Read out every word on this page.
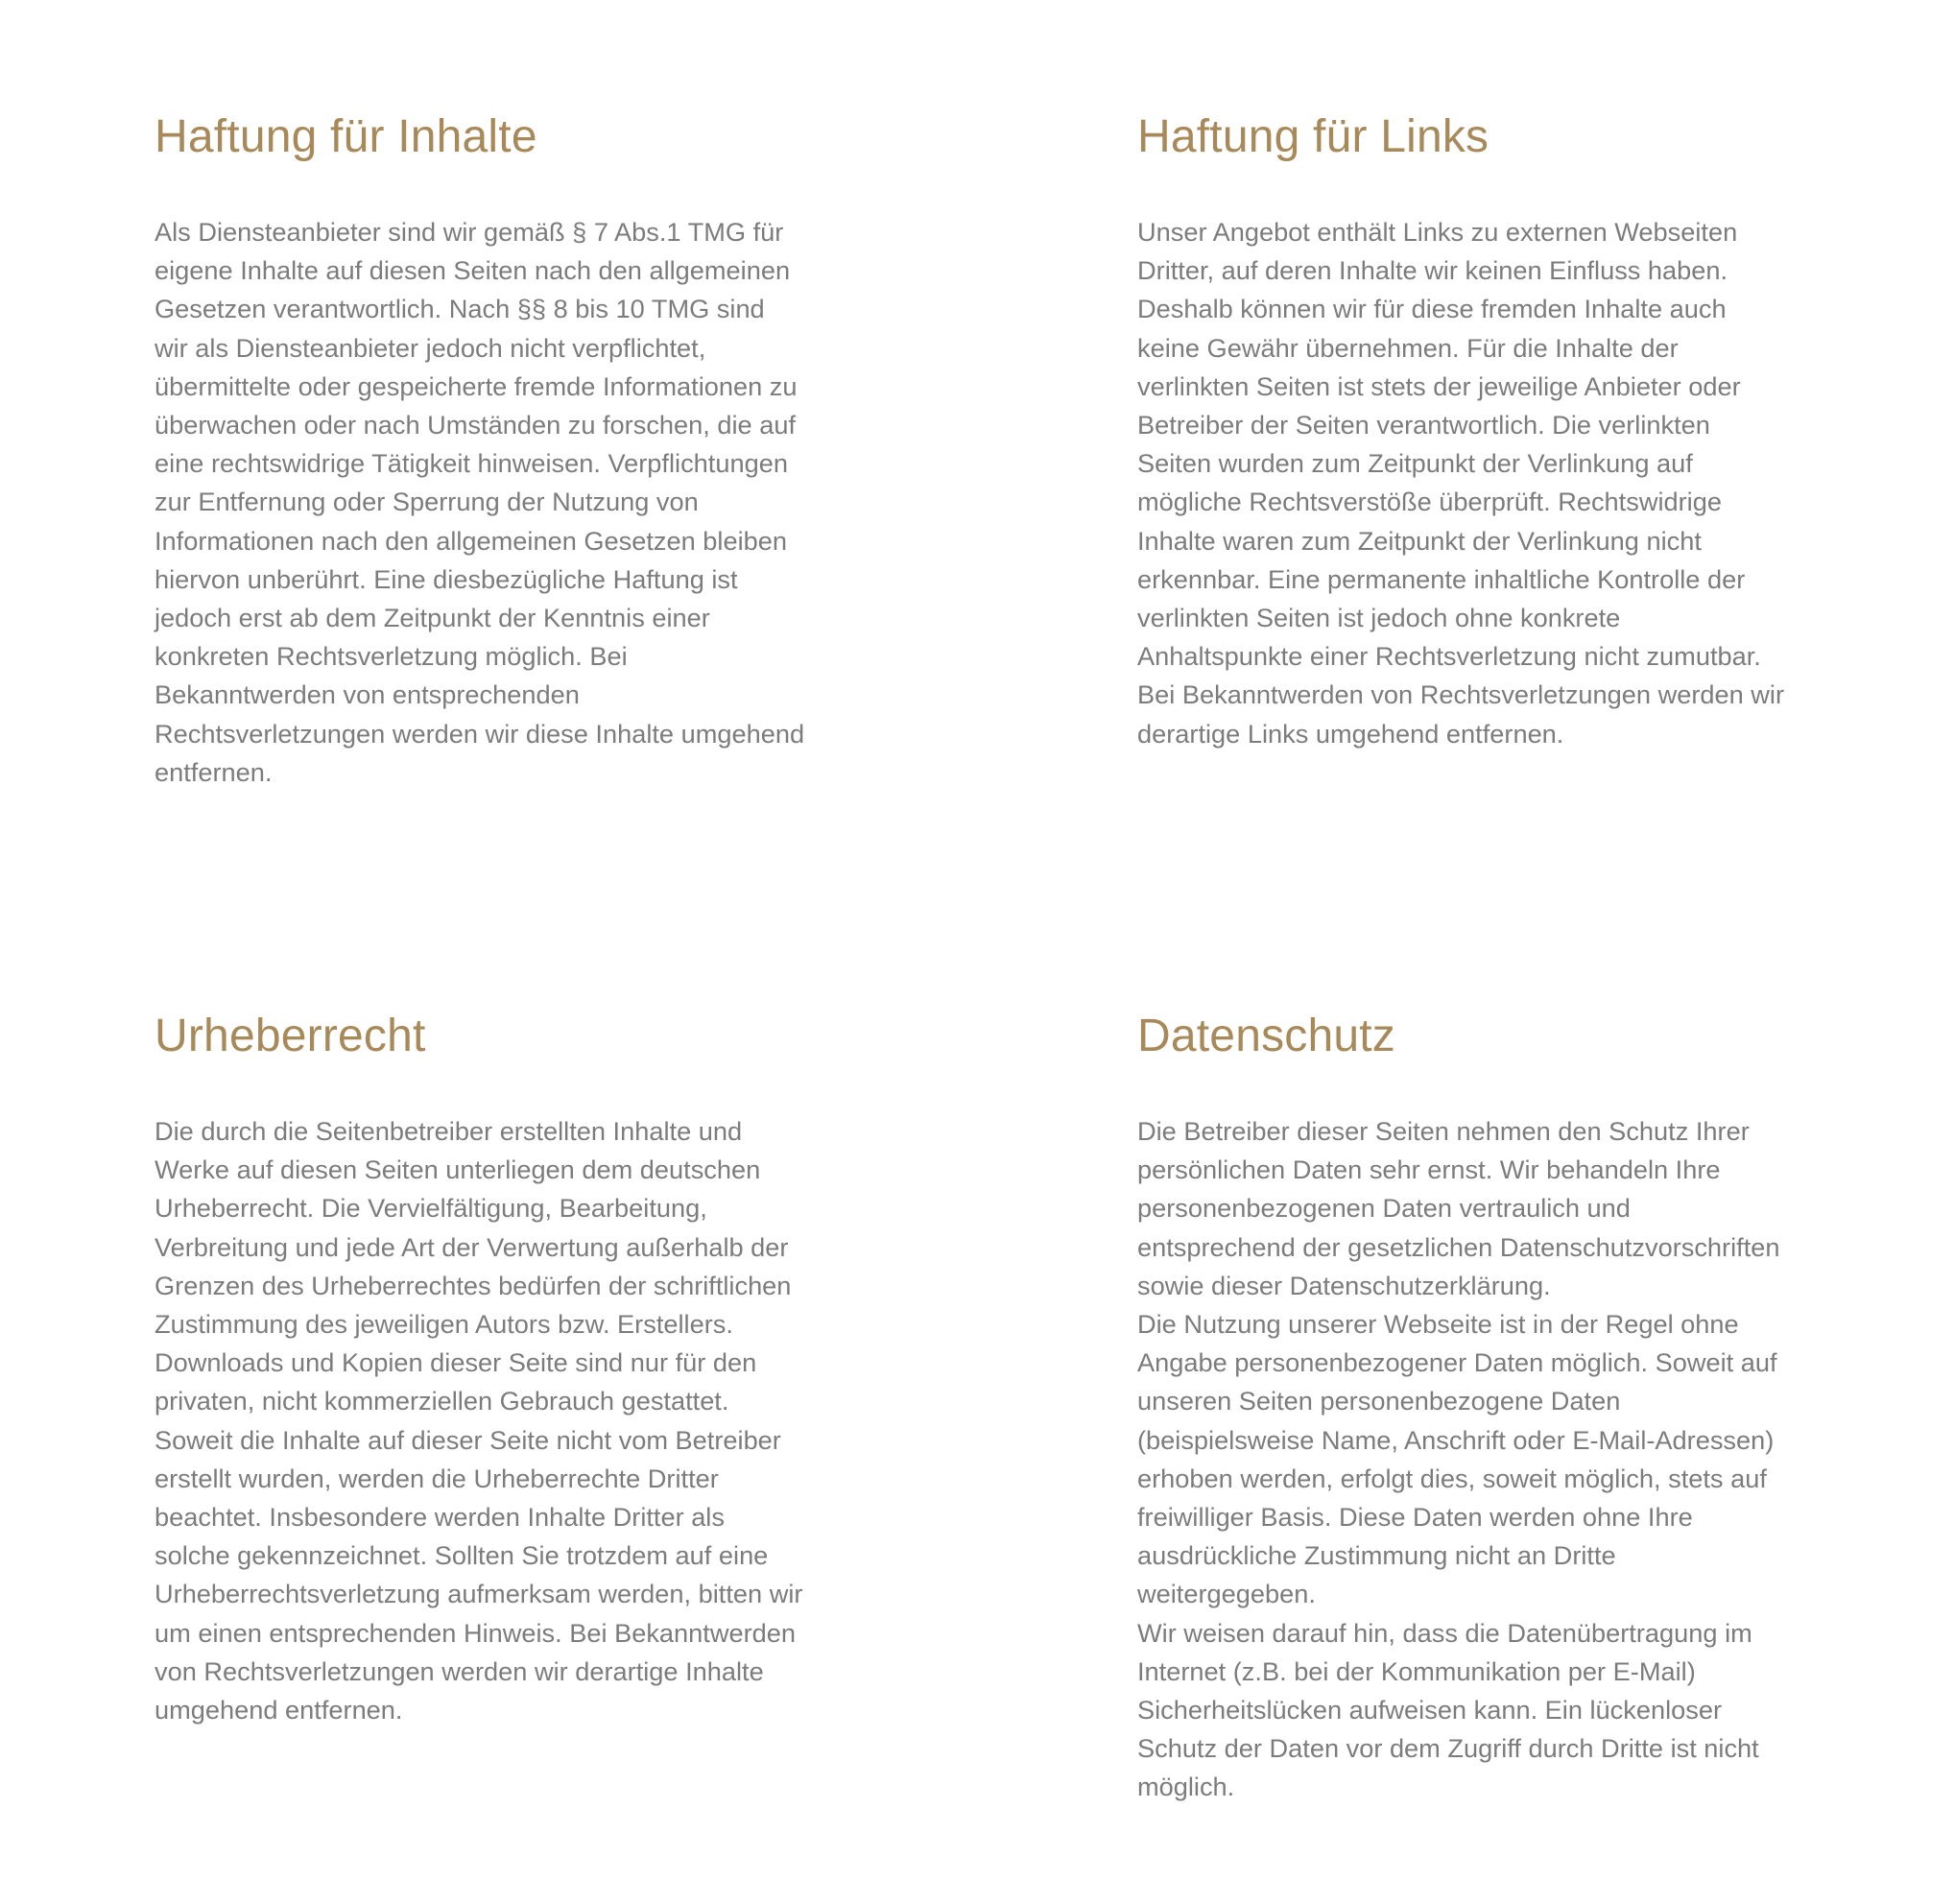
Haftung für Inhalte

Als Diensteanbieter sind wir gemäß § 7 Abs.1 TMG für
eigene Inhalte auf diesen Seiten nach den allgemeinen
Gesetzen verantwortlich. Nach §§ 8 bis 10 TMG sind
wir als Diensteanbieter jedoch nicht verpflichtet,
übermittelte oder gespeicherte fremde Informationen zu
überwachen oder nach Umständen zu forschen, die auf
eine rechtswidrige Tätigkeit hinweisen. Verpflichtungen
zur Entfernung oder Sperrung der Nutzung von
Informationen nach den allgemeinen Gesetzen bleiben
hiervon unberührt. Eine diesbezügliche Haftung ist
jedoch erst ab dem Zeitpunkt der Kenntnis einer
konkreten Rechtsverletzung möglich. Bei
Bekanntwerden von entsprechenden
Rechtsverletzungen werden wir diese Inhalte umgehend
entfernen.

Haftung für Links

Unser Angebot enthält Links zu externen Webseiten
Dritter, auf deren Inhalte wir keinen Einfluss haben.
Deshalb können wir für diese fremden Inhalte auch
keine Gewähr übernehmen. Für die Inhalte der
verlinkten Seiten ist stets der jeweilige Anbieter oder
Betreiber der Seiten verantwortlich. Die verlinkten
Seiten wurden zum Zeitpunkt der Verlinkung auf
mögliche Rechtsverstöße überprüft. Rechtswidrige
Inhalte waren zum Zeitpunkt der Verlinkung nicht
erkennbar. Eine permanente inhaltliche Kontrolle der
verlinkten Seiten ist jedoch ohne konkrete
Anhaltspunkte einer Rechtsverletzung nicht zumutbar.
Bei Bekanntwerden von Rechtsverletzungen werden wir
derartige Links umgehend entfernen.

Urheberrecht

Die durch die Seitenbetreiber erstellten Inhalte und
Werke auf diesen Seiten unterliegen dem deutschen
Urheberrecht. Die Vervielfältigung, Bearbeitung,
Verbreitung und jede Art der Verwertung außerhalb der
Grenzen des Urheberrechtes bedürfen der schriftlichen
Zustimmung des jeweiligen Autors bzw. Erstellers.
Downloads und Kopien dieser Seite sind nur für den
privaten, nicht kommerziellen Gebrauch gestattet.
Soweit die Inhalte auf dieser Seite nicht vom Betreiber
erstellt wurden, werden die Urheberrechte Dritter
beachtet. Insbesondere werden Inhalte Dritter als
solche gekennzeichnet. Sollten Sie trotzdem auf eine
Urheberrechtsverletzung aufmerksam werden, bitten wir
um einen entsprechenden Hinweis. Bei Bekanntwerden
von Rechtsverletzungen werden wir derartige Inhalte
umgehend entfernen.

Datenschutz

Die Betreiber dieser Seiten nehmen den Schutz Ihrer
persönlichen Daten sehr ernst. Wir behandeln Ihre
personenbezogenen Daten vertraulich und
entsprechend der gesetzlichen Datenschutzvorschriften
sowie dieser Datenschutzerklärung.
Die Nutzung unserer Webseite ist in der Regel ohne
Angabe personenbezogener Daten möglich. Soweit auf
unseren Seiten personenbezogene Daten
(beispielsweise Name, Anschrift oder E-Mail-Adressen)
erhoben werden, erfolgt dies, soweit möglich, stets auf
freiwilliger Basis. Diese Daten werden ohne Ihre
ausdrückliche Zustimmung nicht an Dritte
weitergegeben.
Wir weisen darauf hin, dass die Datenübertragung im
Internet (z.B. bei der Kommunikation per E-Mail)
Sicherheitslücken aufweisen kann. Ein lückenloser
Schutz der Daten vor dem Zugriff durch Dritte ist nicht
möglich.
